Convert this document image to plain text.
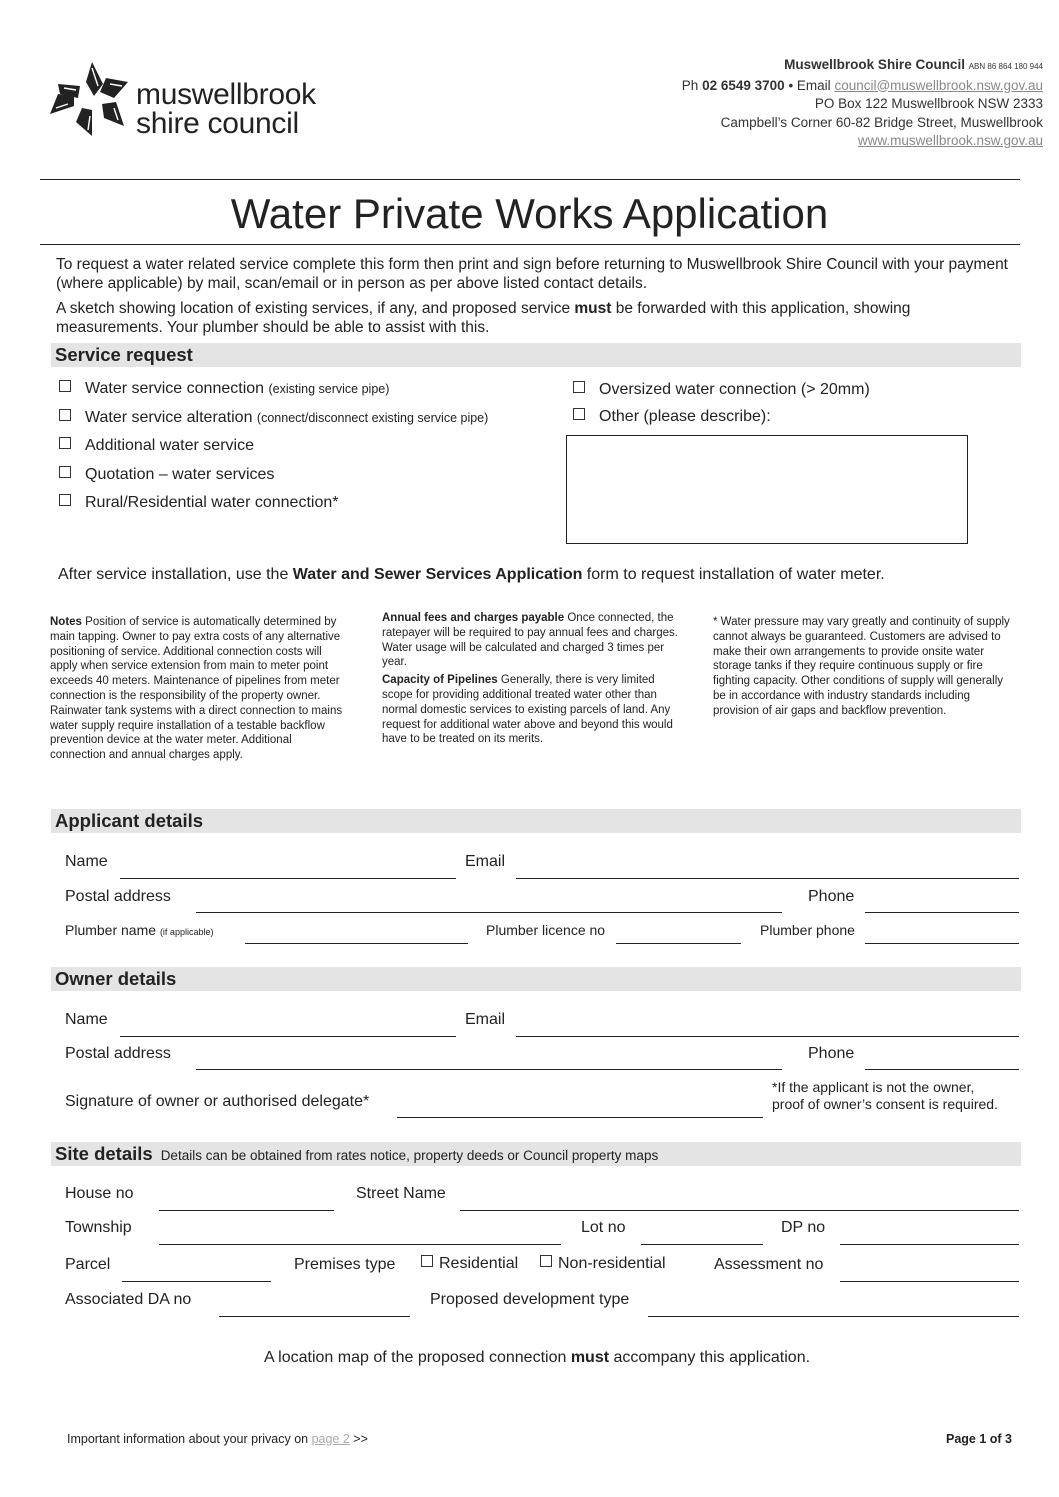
muswellbrook
shire council
Muswellbrook Shire Council ABN 86 864 180 944
Ph 02 6549 3700 • Email council@muswellbrook.nsw.gov.au
PO Box 122 Muswellbrook NSW 2333
Campbell’s Corner 60-82 Bridge Street, Muswellbrook
www.muswellbrook.nsw.gov.au
Water Private Works Application
To request a water related service complete this form then print and sign before returning to Muswellbrook Shire Council with your payment (where applicable) by mail, scan/email or in person as per above listed contact details.
A sketch showing location of existing services, if any, and proposed service must be forwarded with this application, showing measurements. Your plumber should be able to assist with this.
Service request
Water service connection (existing service pipe)
Water service alteration (connect/disconnect existing service pipe)
Additional water service
Quotation – water services
Rural/Residential water connection*
Oversized water connection (> 20mm)
Other (please describe):
After service installation, use the Water and Sewer Services Application form to request installation of water meter.
Notes Position of service is automatically determined by main tapping. Owner to pay extra costs of any alternative positioning of service. Additional connection costs will apply when service extension from main to meter point exceeds 40 meters. Maintenance of pipelines from meter connection is the responsibility of the property owner. Rainwater tank systems with a direct connection to mains water supply require installation of a testable backflow prevention device at the water meter. Additional connection and annual charges apply.
Annual fees and charges payable Once connected, the ratepayer will be required to pay annual fees and charges. Water usage will be calculated and charged 3 times per year.
Capacity of Pipelines Generally, there is very limited scope for providing additional treated water other than normal domestic services to existing parcels of land. Any request for additional water above and beyond this would have to be treated on its merits.
* Water pressure may vary greatly and continuity of supply cannot always be guaranteed. Customers are advised to make their own arrangements to provide onsite water storage tanks if they require continuous supply or fire fighting capacity. Other conditions of supply will generally be in accordance with industry standards including provision of air gaps and backflow prevention.
Applicant details
Name	Email
Postal address	Phone
Plumber name (if applicable)	Plumber licence no	Plumber phone
Owner details
Name	Email
Postal address	Phone
Signature of owner or authorised delegate*
*If the applicant is not the owner,
proof of owner’s consent is required.
Site details Details can be obtained from rates notice, property deeds or Council property maps
House no	Street Name
Township	Lot no	DP no
Parcel	Premises type	Residential	Non-residential	Assessment no
Associated DA no	Proposed development type
A location map of the proposed connection must accompany this application.
Important information about your privacy on page 2 >>	Page 1 of 3
